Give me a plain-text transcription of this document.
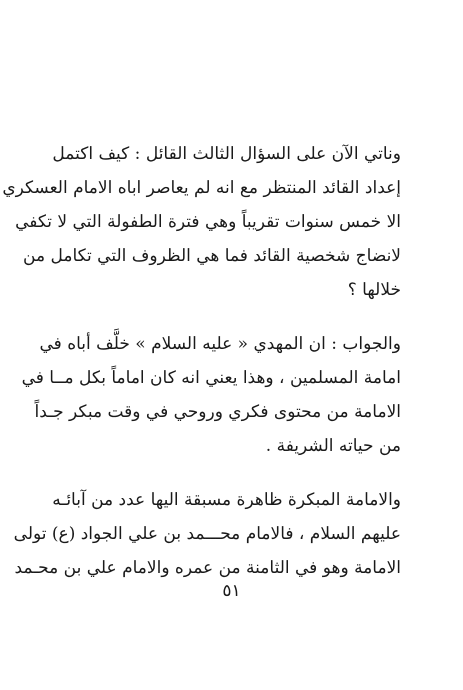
وناتي الآن على السؤال الثالث القائل : كيف اكتمل
إعداد القائد المنتظر مع انه لم يعاصر اباه الامام العسكري
الا خمس سنوات تقريباً وهي فترة الطفولة التي لا تكفي
لانضاج شخصية القائد فما هي الظروف التي تكامل من
خلالها ؟

والجواب : ان المهدي « عليه السلام » خلَّف أباه في
امامة المسلمين ، وهذا يعني انه كان اماماً بكل مــا في
الامامة من محتوى فكري وروحي في وقت مبكر جـداً
من حياته الشريفة .

والامامة المبكرة ظاهرة مسبقة اليها عدد من آبائـه
عليهم السلام ، فالامام محـــمد بن علي الجواد (ع) تولى
الامامة وهو في الثامنة من عمره والامام علي بن محـمد

٥١
